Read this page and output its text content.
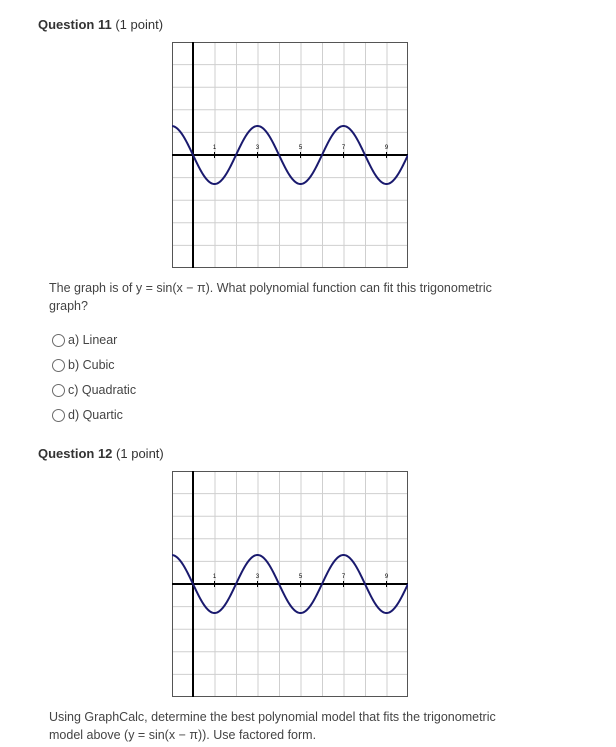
Question 11 (1 point)
1	3	5	7	9
The graph is of y = sin(x − π). What polynomial function can fit this trigonometric graph?
a) Linear
b) Cubic
c) Quadratic
d) Quartic
Question 12 (1 point)
1	3	5	7	9
Using GraphCalc, determine the best polynomial model that fits the trigonometric model above (y = sin(x − π)). Use factored form.
